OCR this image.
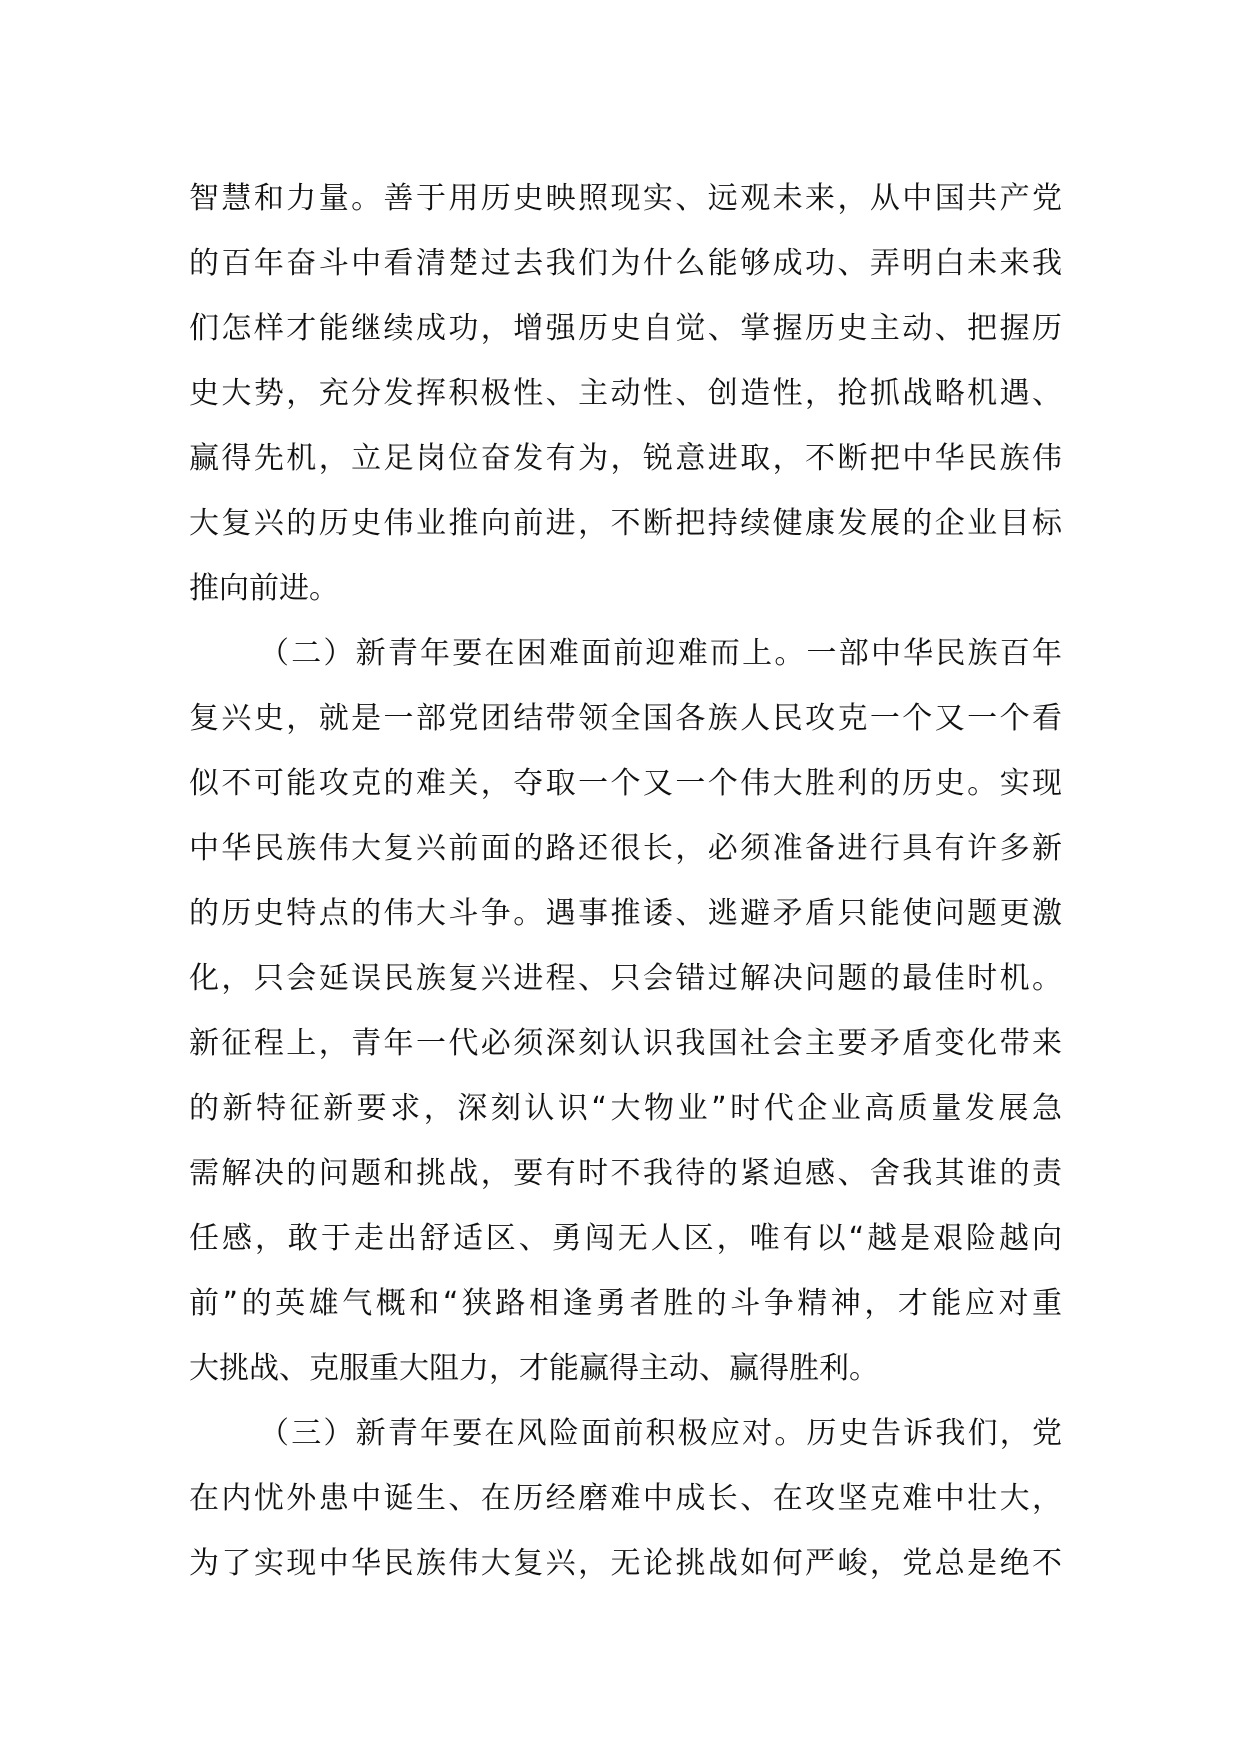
智慧和力量。善于用历史映照现实、远观未来，从中国共产党
的百年奋斗中看清楚过去我们为什么能够成功、弄明白未来我
们怎样才能继续成功，增强历史自觉、掌握历史主动、把握历
史大势，充分发挥积极性、主动性、创造性，抢抓战略机遇、
赢得先机，立足岗位奋发有为，锐意进取，不断把中华民族伟
大复兴的历史伟业推向前进，不断把持续健康发展的企业目标
推向前进。
（二）新青年要在困难面前迎难而上。一部中华民族百年
复兴史，就是一部党团结带领全国各族人民攻克一个又一个看
似不可能攻克的难关，夺取一个又一个伟大胜利的历史。实现
中华民族伟大复兴前面的路还很长，必须准备进行具有许多新
的历史特点的伟大斗争。遇事推诿、逃避矛盾只能使问题更激
化，只会延误民族复兴进程、只会错过解决问题的最佳时机。
新征程上，青年一代必须深刻认识我国社会主要矛盾变化带来
的新特征新要求，深刻认识“大物业”时代企业高质量发展急
需解决的问题和挑战，要有时不我待的紧迫感、舍我其谁的责
任感，敢于走出舒适区、勇闯无人区，唯有以“越是艰险越向
前”的英雄气概和“狭路相逢勇者胜的斗争精神，才能应对重
大挑战、克服重大阻力，才能赢得主动、赢得胜利。
（三）新青年要在风险面前积极应对。历史告诉我们，党
在内忧外患中诞生、在历经磨难中成长、在攻坚克难中壮大，
为了实现中华民族伟大复兴，无论挑战如何严峻，党总是绝不
